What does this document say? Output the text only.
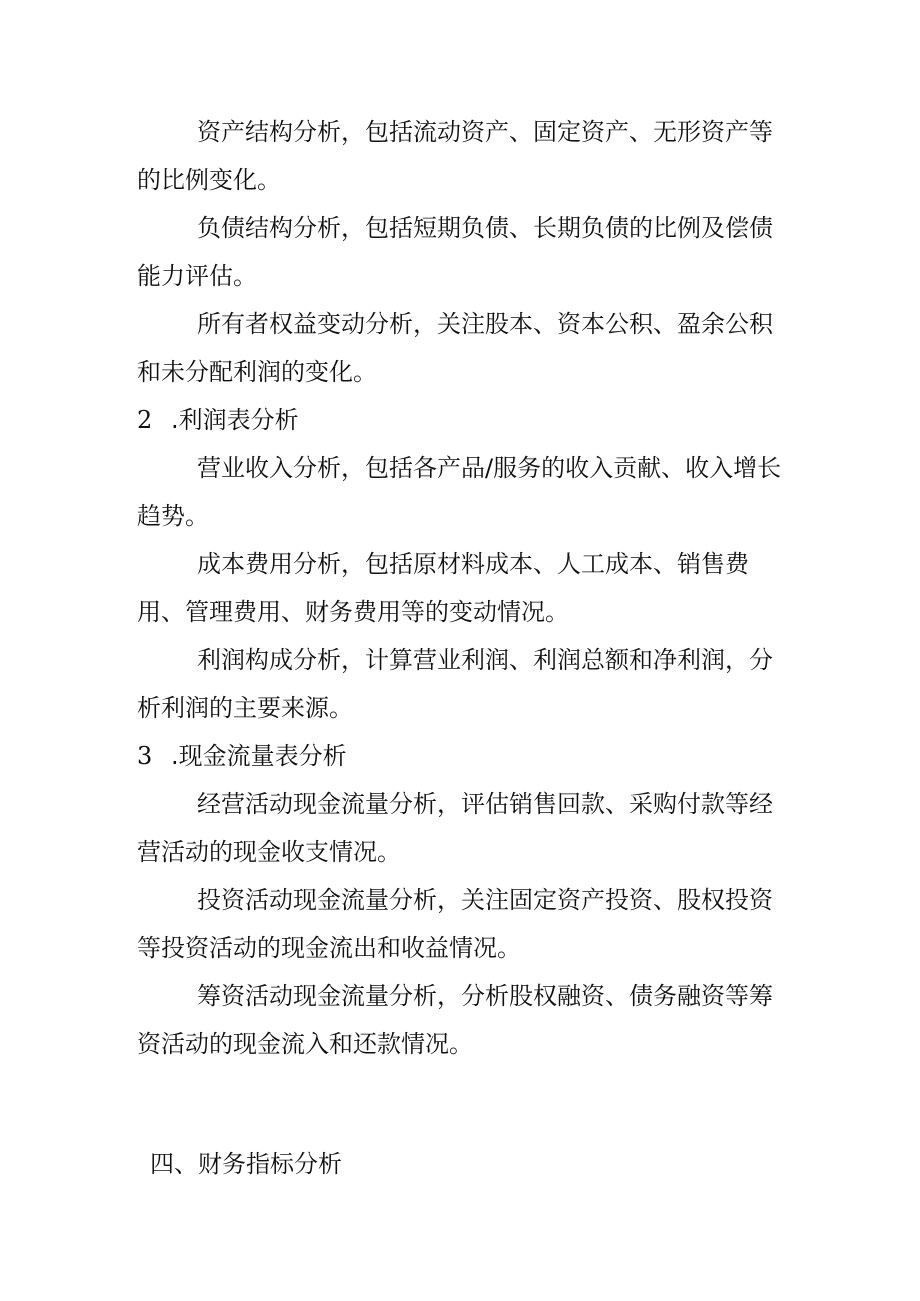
资产结构分析，包括流动资产、固定资产、无形资产等的比例变化。

负债结构分析，包括短期负债、长期负债的比例及偿债能力评估。

所有者权益变动分析，关注股本、资本公积、盈余公积和未分配利润的变化。

2 .利润表分析

营业收入分析，包括各产品/服务的收入贡献、收入增长趋势。

成本费用分析，包括原材料成本、人工成本、销售费用、管理费用、财务费用等的变动情况。

利润构成分析，计算营业利润、利润总额和净利润，分析利润的主要来源。

3 .现金流量表分析

经营活动现金流量分析，评估销售回款、采购付款等经营活动的现金收支情况。

投资活动现金流量分析，关注固定资产投资、股权投资等投资活动的现金流出和收益情况。

筹资活动现金流量分析，分析股权融资、债务融资等筹资活动的现金流入和还款情况。

四、财务指标分析
